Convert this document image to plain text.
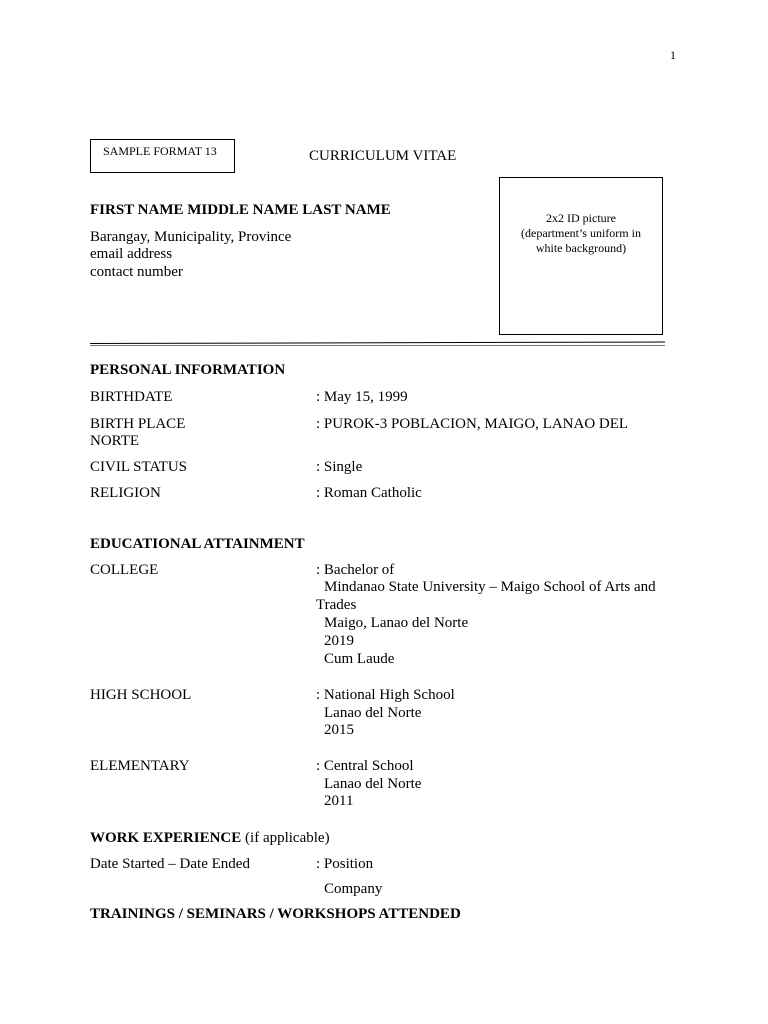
1
SAMPLE FORMAT 13	CURRICULUM VITAE
2x2 ID picture
(department’s uniform in
white background)
FIRST NAME MIDDLE NAME LAST NAME
Barangay, Municipality, Province
email address
contact number
PERSONAL INFORMATION
BIRTHDATE	: May 15, 1999
BIRTH PLACE	: PUROK-3 POBLACION, MAIGO, LANAO DEL
NORTE
CIVIL STATUS	: Single
RELIGION	: Roman Catholic
EDUCATIONAL ATTAINMENT
COLLEGE	: Bachelor of
Mindanao State University – Maigo School of Arts and
Trades
Maigo, Lanao del Norte
2019
Cum Laude
HIGH SCHOOL	: National High School
Lanao del Norte
2015
ELEMENTARY	: Central School
Lanao del Norte
2011
WORK EXPERIENCE (if applicable)
Date Started – Date Ended	: Position
Company
TRAININGS / SEMINARS / WORKSHOPS ATTENDED
